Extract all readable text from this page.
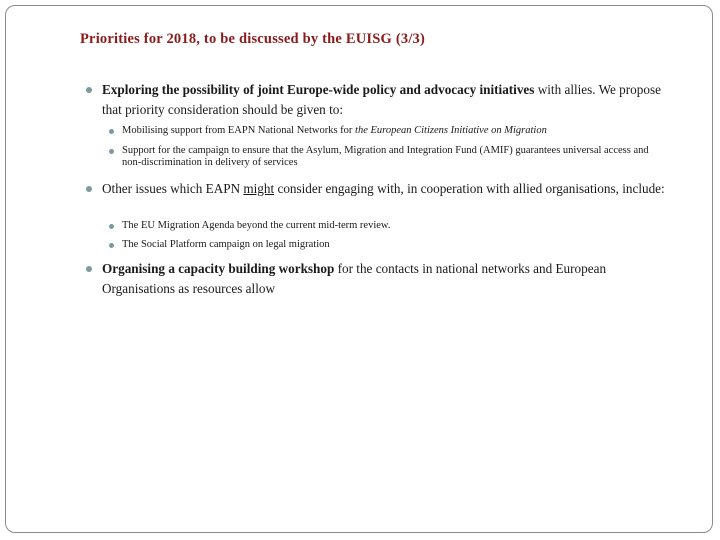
Priorities for 2018, to be discussed by the EUISG (3/3)
Exploring the possibility of joint Europe-wide policy and advocacy initiatives with allies. We propose that priority consideration should be given to:
Mobilising support from EAPN National Networks for the European Citizens Initiative on Migration
Support for the campaign to ensure that the Asylum, Migration and Integration Fund (AMIF) guarantees universal access and non-discrimination in delivery of services
Other issues which EAPN might consider engaging with, in cooperation with allied organisations, include:
The EU Migration Agenda beyond the current mid-term review.
The Social Platform campaign on legal migration
Organising a capacity building workshop for the contacts in national networks and European Organisations as resources allow
